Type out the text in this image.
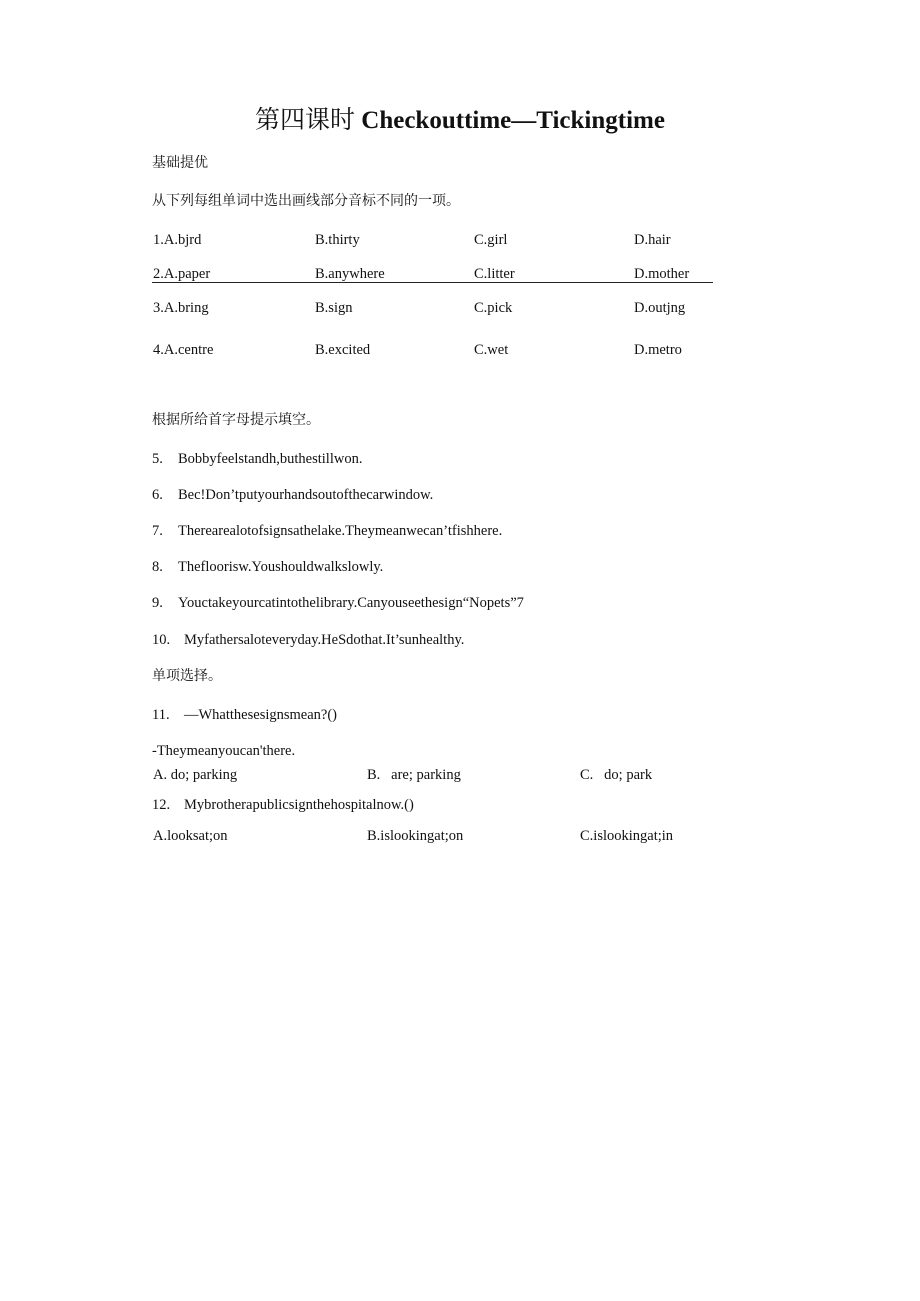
第四课时 Checkouttime—Tickingtime
基础提优
从下列每组单词中选出画线部分音标不同的一项。
1.A.bjrd	B.thirty	C.girl	D.hair
2.A.paper	B.anywhere	C.litter	D.mother
3.A.bring	B.sign	C.pick	D.outjng
4.A.centre	B.excited	C.wet	D.metro
根据所给首字母提示填空。
5. Bobbyfeelstandh,buthestillwon.
6. Bec!Don’tputyourhandsoutofthecarwindow.
7. Therearealotofsignsathelake.Theymeanwecan’tfishhere.
8. Thefloorisw.Youshouldwalkslowly.
9. Youctakeyourcatintothelibrary.Canyouseethesign“Nopets”7
10. Myfathersaloteveryday.HeSdothat.It’sunhealthy.
单项选择。
11. —Whatthesesignsmean?()
-Theymeanyoucan'there.
A. do; parking	B.   are; parking	C.   do; park
12. Mybrotherapublicsignthehospitalnow.()
A.looksat;on	B.islookingat;on	C.islookingat;in
